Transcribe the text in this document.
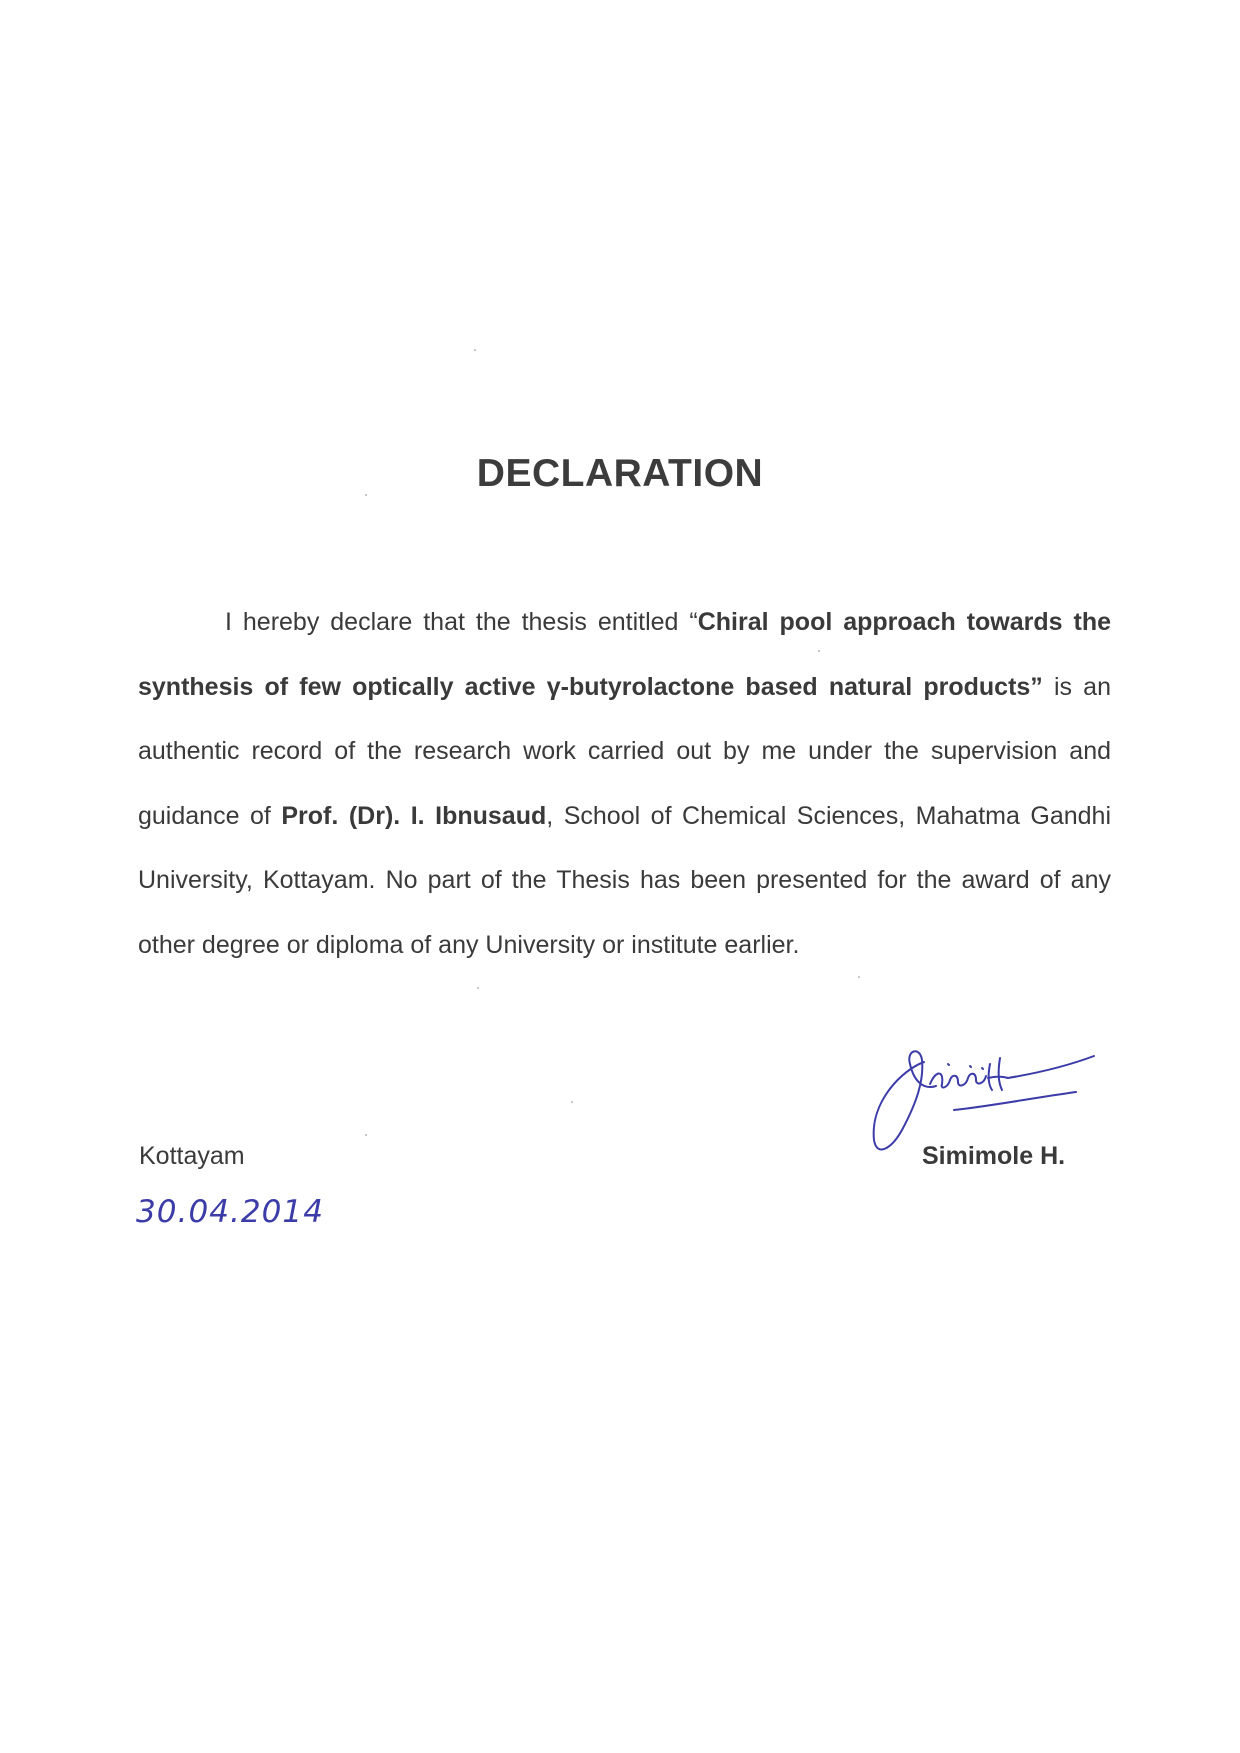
DECLARATION

I hereby declare that the thesis entitled “Chiral pool approach towards the synthesis of few optically active γ-butyrolactone based natural products” is an authentic record of the research work carried out by me under the supervision and guidance of Prof. (Dr). I. Ibnusaud, School of Chemical Sciences, Mahatma Gandhi University, Kottayam. No part of the Thesis has been presented for the award of any other degree or diploma of any University or institute earlier.

Kottayam
30.04.2014
Simimole H.
